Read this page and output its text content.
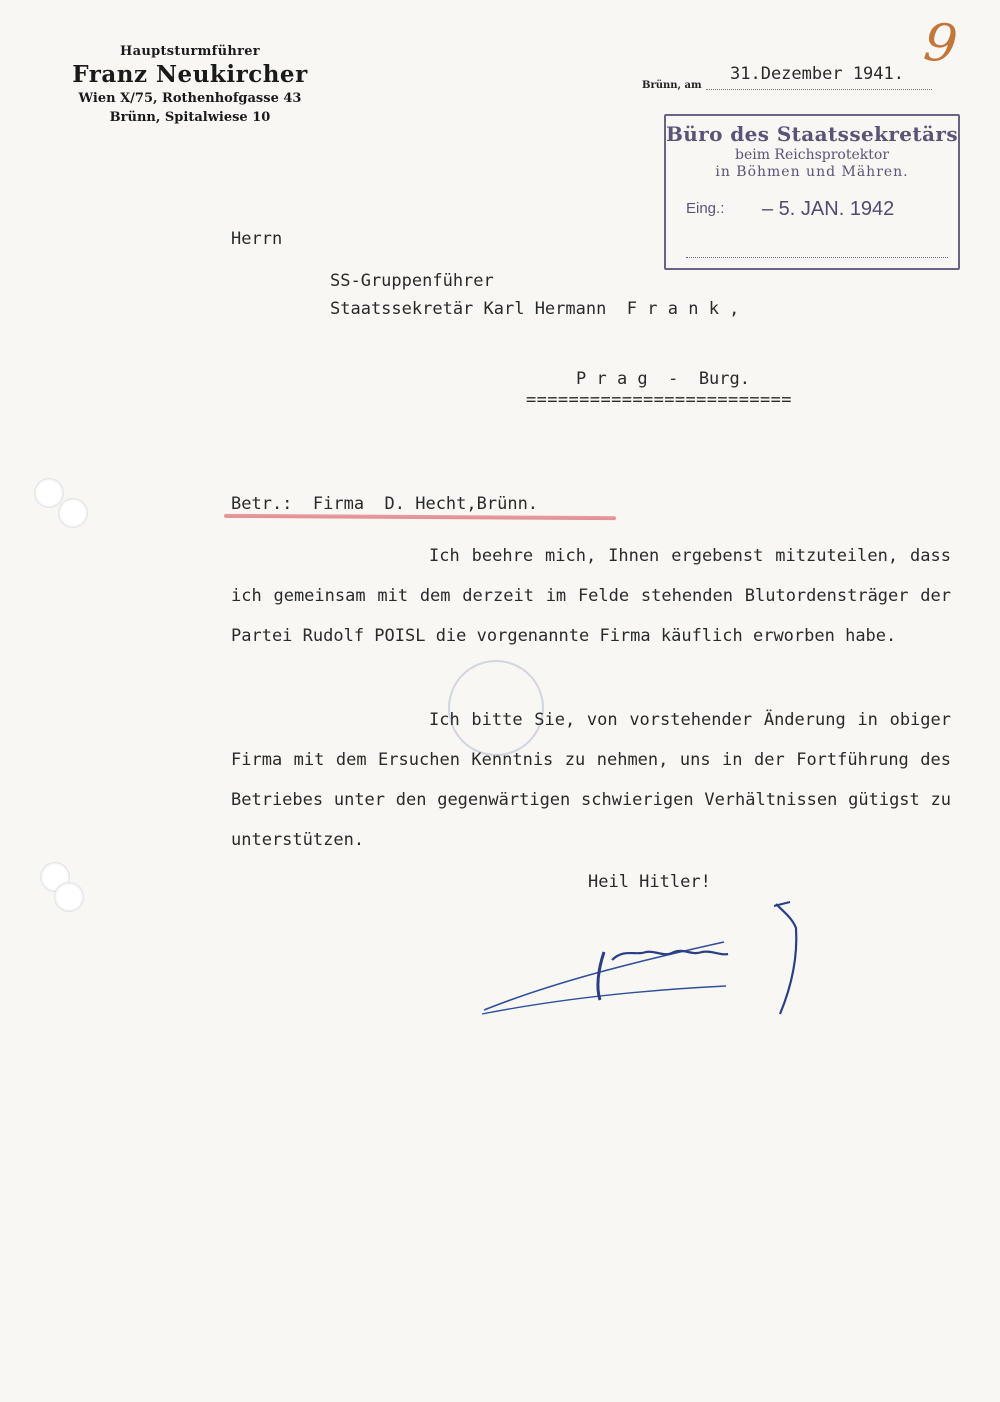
Hauptsturmführer
Franz Neukircher
Wien X/75, Rothenhofgasse 43
Brünn, Spitalwiese 10
9
Brünn, am
31.Dezember 1941.
Büro des Staatssekretärs
beim Reichsprotektor
in Böhmen und Mähren.
Eing.: – 5. JAN. 1942
Herrn
SS-Gruppenführer
Staatssekretär Karl Hermann  F r a n k ,
P r a g  -  Burg.
=========================
Betr.:  Firma  D. Hecht,Brünn.
Ich beehre mich, Ihnen ergebenst mitzuteilen, dass ich gemeinsam mit dem derzeit im Felde stehenden Blutordensträger der Partei Rudolf POISL die vorgenannte Firma käuflich erworben habe.
Ich bitte Sie, von vorstehender Änderung in obiger Firma mit dem Ersuchen Kenntnis zu nehmen, uns in der Fortführung des Betriebes unter den gegenwärtigen schwierigen Verhältnissen gütigst zu unterstützen.
Heil Hitler!
